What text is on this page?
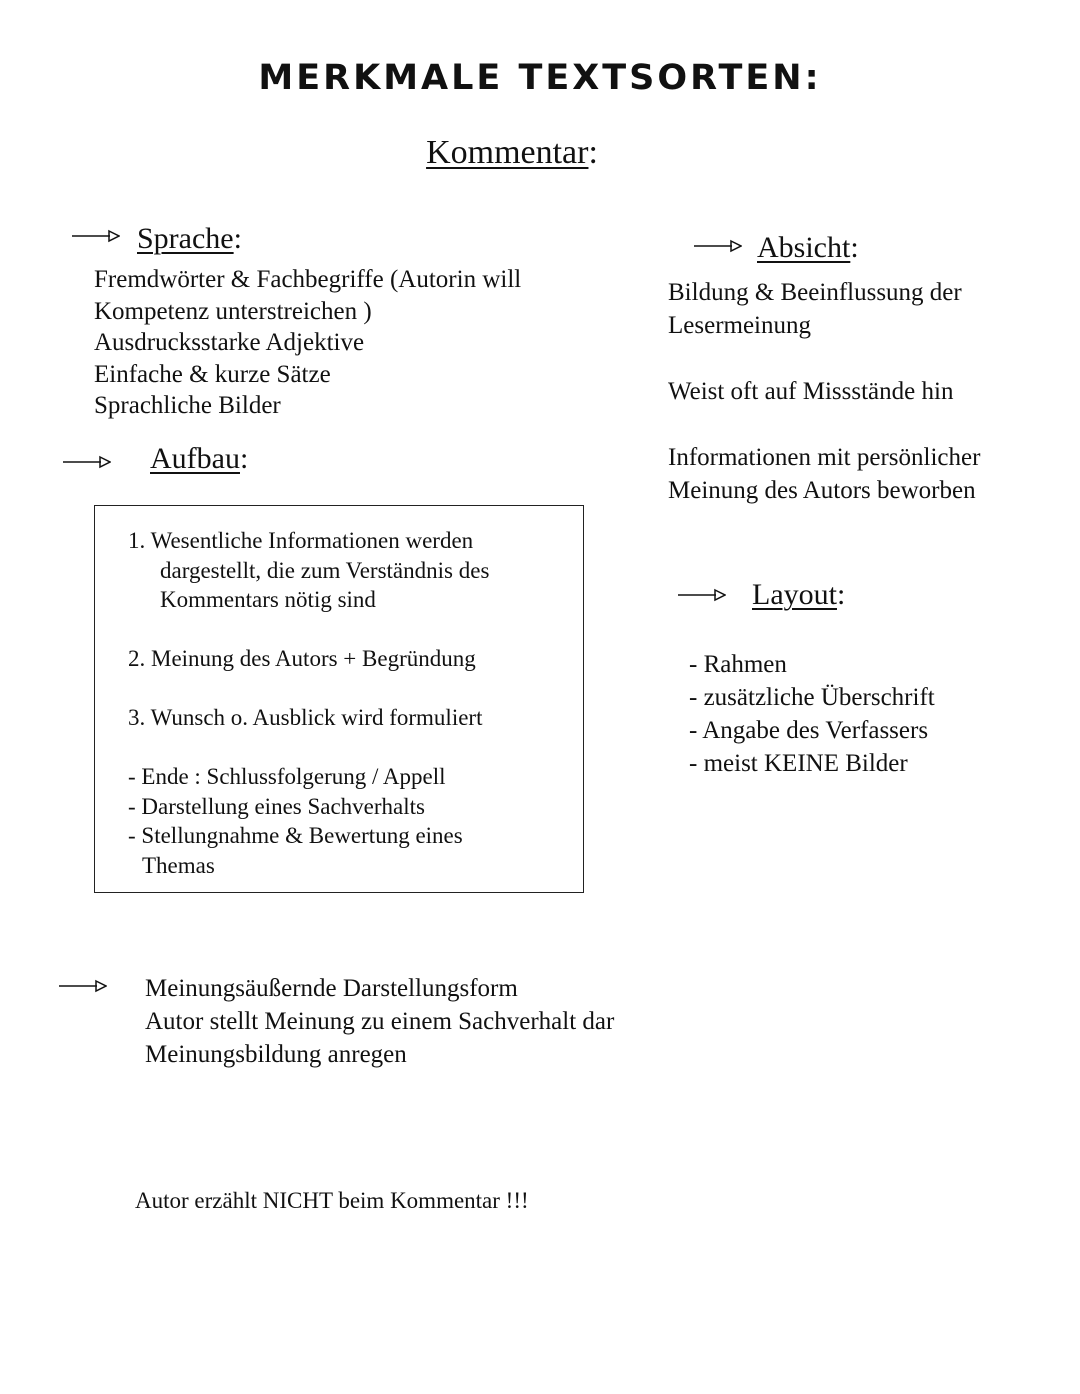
MERKMALE TEXTSORTEN:
Kommentar:
Sprache:
Fremdwörter & Fachbegriffe (Autorin will
Kompetenz unterstreichen )
Ausdrucksstarke Adjektive
Einfache & kurze Sätze
Sprachliche Bilder
Aufbau:
1. Wesentliche Informationen werden
dargestellt, die zum Verständnis des
Kommentars nötig sind
2. Meinung des Autors + Begründung
3. Wunsch o. Ausblick wird formuliert
- Ende : Schlussfolgerung / Appell
- Darstellung eines Sachverhalts
- Stellungnahme & Bewertung eines
Themas
Absicht:
Bildung & Beeinflussung der
Lesermeinung
Weist oft auf Missstände hin
Informationen mit persönlicher
Meinung des Autors beworben
Layout:
- Rahmen
- zusätzliche Überschrift
- Angabe des Verfassers
- meist KEINE Bilder
Meinungsäußernde Darstellungsform
Autor stellt Meinung zu einem Sachverhalt dar
Meinungsbildung anregen
Autor erzählt NICHT beim Kommentar !!!
